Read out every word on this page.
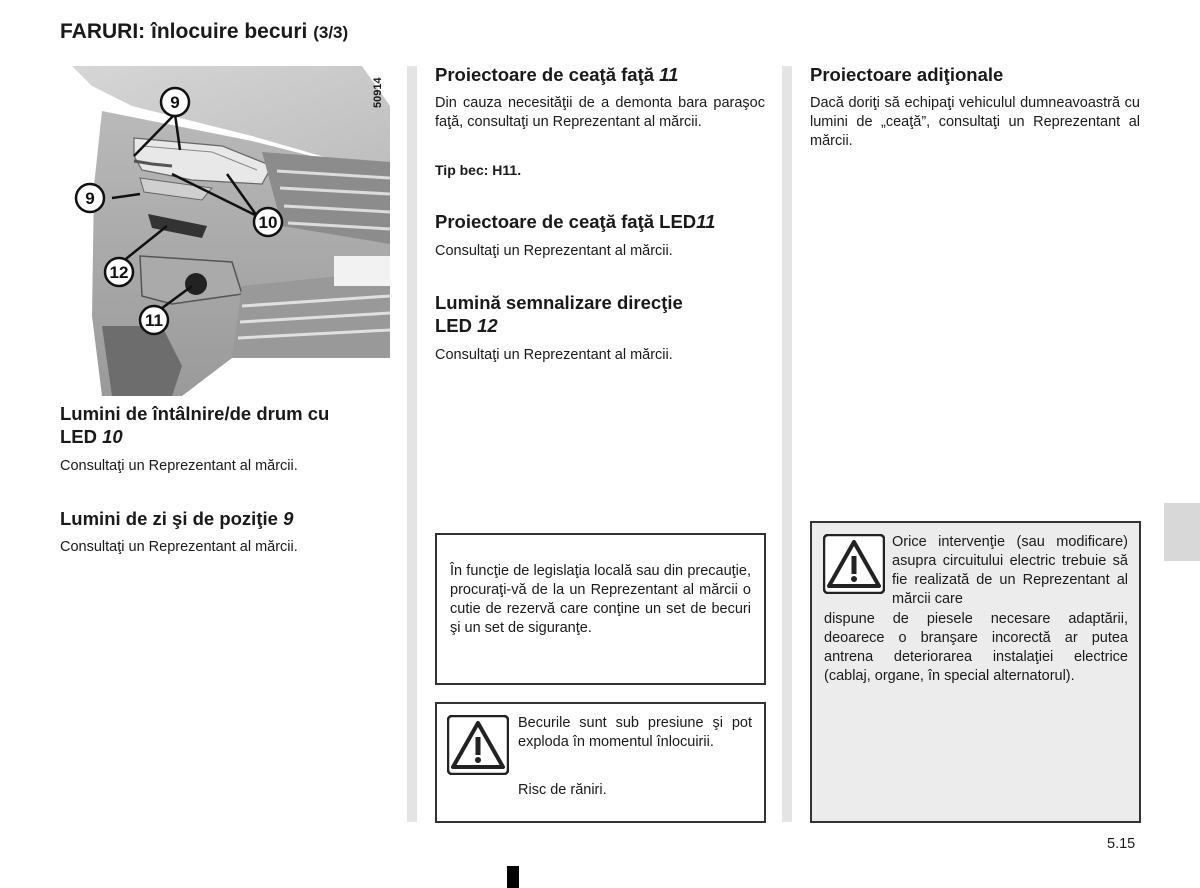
FARURI: înlocuire becuri (3/3)
9
9
10
12
11
50914
Lumini de întâlnire/de drum cu
LED 10
Consultaţi un Reprezentant al mărcii.
Lumini de zi şi de poziţie 9
Consultaţi un Reprezentant al mărcii.
Proiectoare de ceaţă faţă 11
Din cauza necesităţii de a demonta bara paraşoc faţă, consultaţi un Reprezentant al mărcii.
Tip bec: H11.
Proiectoare de ceaţă faţă LED11
Consultaţi un Reprezentant al mărcii.
Lumină semnalizare direcţie
LED 12
Consultaţi un Reprezentant al mărcii.
În funcţie de legislaţia locală sau din precauţie, procuraţi-vă de la un Reprezentant al mărcii o cutie de rezervă care conţine un set de becuri şi un set de siguranţe.
Becurile sunt sub presiune şi pot exploda în momentul înlocuirii.
Risc de răniri.
Proiectoare adiţionale
Dacă doriţi să echipaţi vehiculul dumneavoastră cu lumini de „ceaţă”, consultaţi un Reprezentant al mărcii.
Orice intervenţie (sau modificare) asupra circuitului electric trebuie să fie realizată de un Reprezentant al mărcii care
dispune de piesele necesare adaptării, deoarece o branşare incorectă ar putea antrena deteriorarea instalaţiei electrice (cablaj, organe, în special alternatorul).
5.15
